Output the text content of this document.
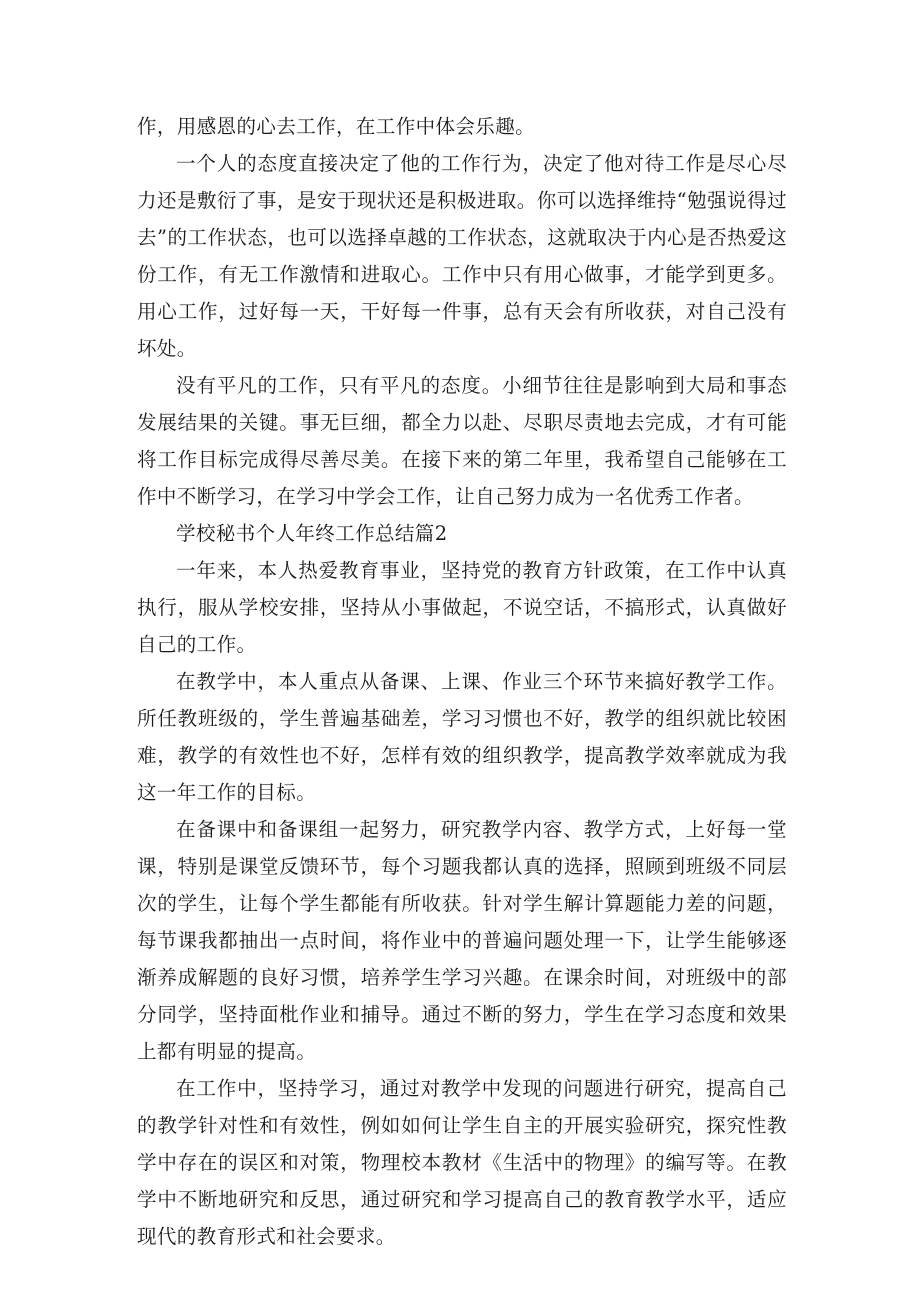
作，用感恩的心去工作，在工作中体会乐趣。

一个人的态度直接决定了他的工作行为，决定了他对待工作是尽心尽力还是敷衍了事，是安于现状还是积极进取。你可以选择维持“勉强说得过去”的工作状态，也可以选择卓越的工作状态，这就取决于内心是否热爱这份工作，有无工作激情和进取心。工作中只有用心做事，才能学到更多。用心工作，过好每一天，干好每一件事，总有天会有所收获，对自己没有坏处。

没有平凡的工作，只有平凡的态度。小细节往往是影响到大局和事态发展结果的关键。事无巨细，都全力以赴、尽职尽责地去完成，才有可能将工作目标完成得尽善尽美。在接下来的第二年里，我希望自己能够在工作中不断学习，在学习中学会工作，让自己努力成为一名优秀工作者。

学校秘书个人年终工作总结篇2

一年来，本人热爱教育事业，坚持党的教育方针政策，在工作中认真执行，服从学校安排，坚持从小事做起，不说空话，不搞形式，认真做好自己的工作。

在教学中，本人重点从备课、上课、作业三个环节来搞好教学工作。所任教班级的，学生普遍基础差，学习习惯也不好，教学的组织就比较困难，教学的有效性也不好，怎样有效的组织教学，提高教学效率就成为我这一年工作的目标。

在备课中和备课组一起努力，研究教学内容、教学方式，上好每一堂课，特别是课堂反馈环节，每个习题我都认真的选择，照顾到班级不同层次的学生，让每个学生都能有所收获。针对学生解计算题能力差的问题，每节课我都抽出一点时间，将作业中的普遍问题处理一下，让学生能够逐渐养成解题的良好习惯，培养学生学习兴趣。在课余时间，对班级中的部分同学，坚持面枇作业和捕导。通过不断的努力，学生在学习态度和效果上都有明显的提高。

在工作中，坚持学习，通过对教学中发现的问题进行研究，提高自己的教学针对性和有效性，例如如何让学生自主的开展实验研究，探究性教学中存在的误区和对策，物理校本教材《生活中的物理》的编写等。在教学中不断地研究和反思，通过研究和学习提高自己的教育教学水平，适应现代的教育形式和社会要求。
